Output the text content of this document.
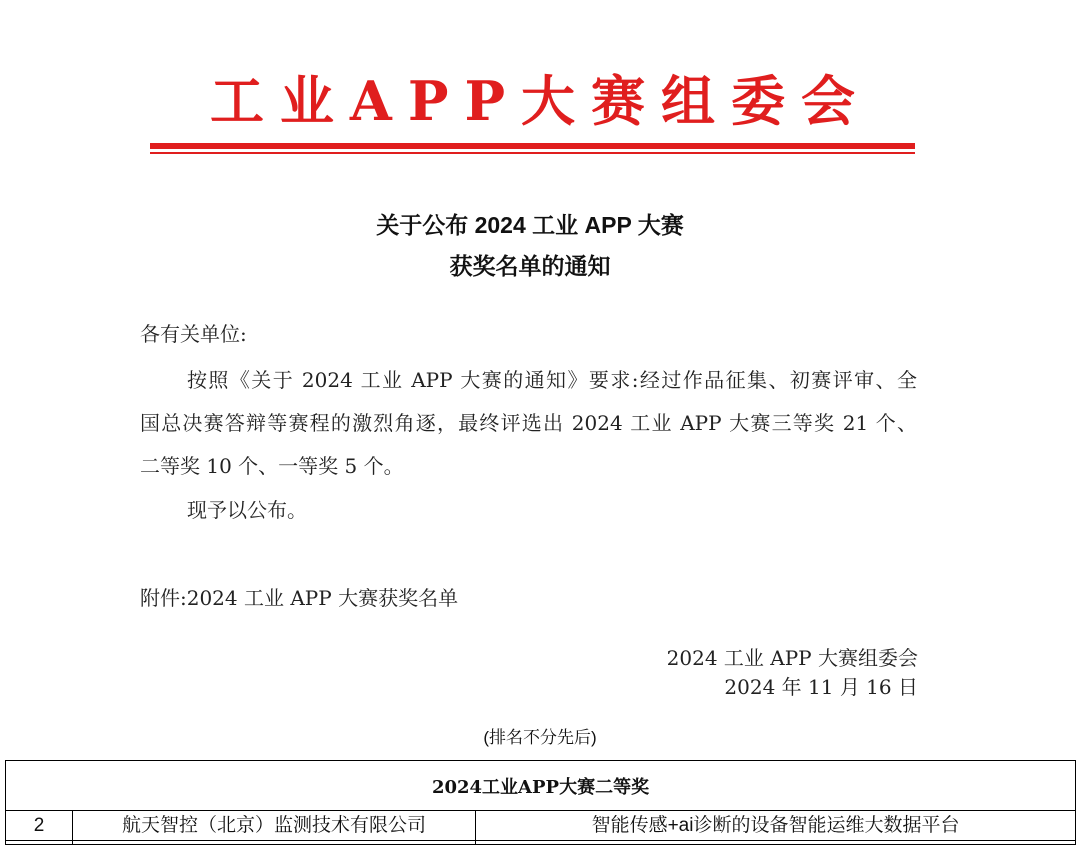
工业APP大赛组委会
关于公布 2024 工业 APP 大赛
获奖名单的通知
各有关单位:
按照《关于 2024 工业 APP 大赛的通知》要求:经过作品征集、初赛评审、全
国总决赛答辩等赛程的激烈角逐，最终评选出 2024 工业 APP 大赛三等奖 21 个、
二等奖 10 个、一等奖 5 个。
现予以公布。
附件:2024 工业 APP 大赛获奖名单
2024 工业 APP 大赛组委会
2024 年 11 月 16 日
(排名不分先后)
2024工业APP大赛二等奖		
2	航天智控（北京）监测技术有限公司	智能传感+ai诊断的设备智能运维大数据平台
